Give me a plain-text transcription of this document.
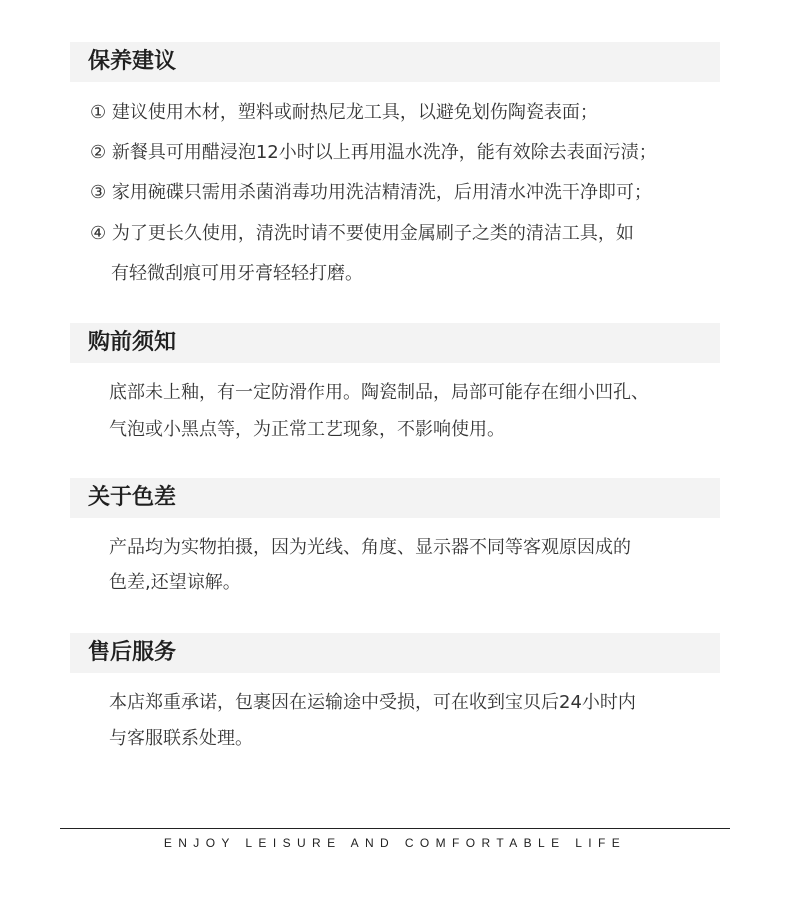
保养建议
① 建议使用木材，塑料或耐热尼龙工具，以避免划伤陶瓷表面；
② 新餐具可用醋浸泡12小时以上再用温水洗净，能有效除去表面污渍；
③ 家用碗碟只需用杀菌消毒功用洗洁精清洗，后用清水冲洗干净即可；
④ 为了更长久使用，清洗时请不要使用金属刷子之类的清洁工具，如
有轻微刮痕可用牙膏轻轻打磨。
购前须知
底部未上釉，有一定防滑作用。陶瓷制品，局部可能存在细小凹孔、
气泡或小黑点等，为正常工艺现象，不影响使用。
关于色差
产品均为实物拍摄，因为光线、角度、显示器不同等客观原因成的
色差,还望谅解。
售后服务
本店郑重承诺，包裹因在运输途中受损，可在收到宝贝后24小时内
与客服联系处理。
ENJOY LEISURE AND COMFORTABLE LIFE
